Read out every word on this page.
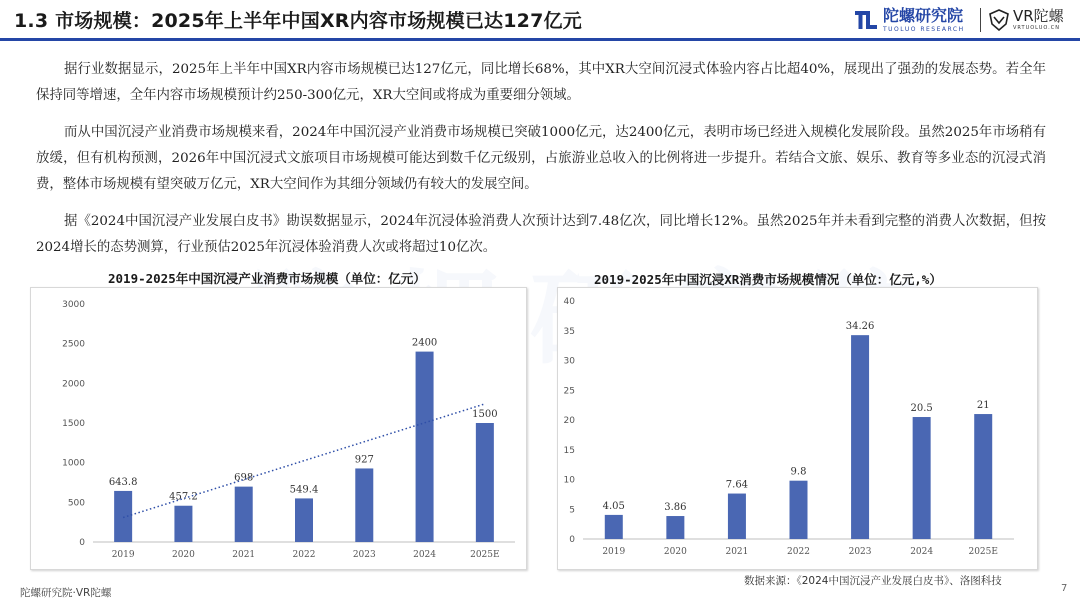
1.3 市场规模：2025年上半年中国XR内容市场规模已达127亿元	陀螺研究院
TUOLUO RESEARCH
VR陀螺
VRTUOLUO.CN

据行业数据显示，2025年上半年中国XR内容市场规模已达127亿元，同比增长68%，其中XR大空间沉浸式体验内容占比超40%，展现出了强劲的发展态势。若全年保持同等增速，全年内容市场规模预计约250-300亿元，XR大空间或将成为重要细分领域。

而从中国沉浸产业消费市场规模来看，2024年中国沉浸产业消费市场规模已突破1000亿元，达2400亿元，表明市场已经进入规模化发展阶段。虽然2025年市场稍有放缓，但有机构预测，2026年中国沉浸式文旅项目市场规模可能达到数千亿元级别，占旅游业总收入的比例将进一步提升。若结合文旅、娱乐、教育等多业态的沉浸式消费，整体市场规模有望突破万亿元，XR大空间作为其细分领域仍有较大的发展空间。

据《2024中国沉浸产业发展白皮书》勘误数据显示，2024年沉浸体验消费人次预计达到7.48亿次，同比增长12%。虽然2025年并未看到完整的消费人次数据，但按2024增长的态势测算，行业预估2025年沉浸体验消费人次或将超过10亿次。

2019-2025年中国沉浸产业消费市场规模（单位：亿元）	2019-2025年中国沉浸XR消费市场规模情况（单位：亿元,%）
0
500
1000
1500
2000
2500
3000
643.8
2019
457.2
2020
698
2021
549.4
2022
927
2023
2400
2024
1500
2025E
0
5
10
15
20
25
30
35
40
4.05
2019
3.86
2020
7.64
2021
9.8
2022
34.26
2023
20.5
2024
21
2025E
数据来源：《2024中国沉浸产业发展白皮书》、洛图科技
陀螺研究院·VR陀螺	7
